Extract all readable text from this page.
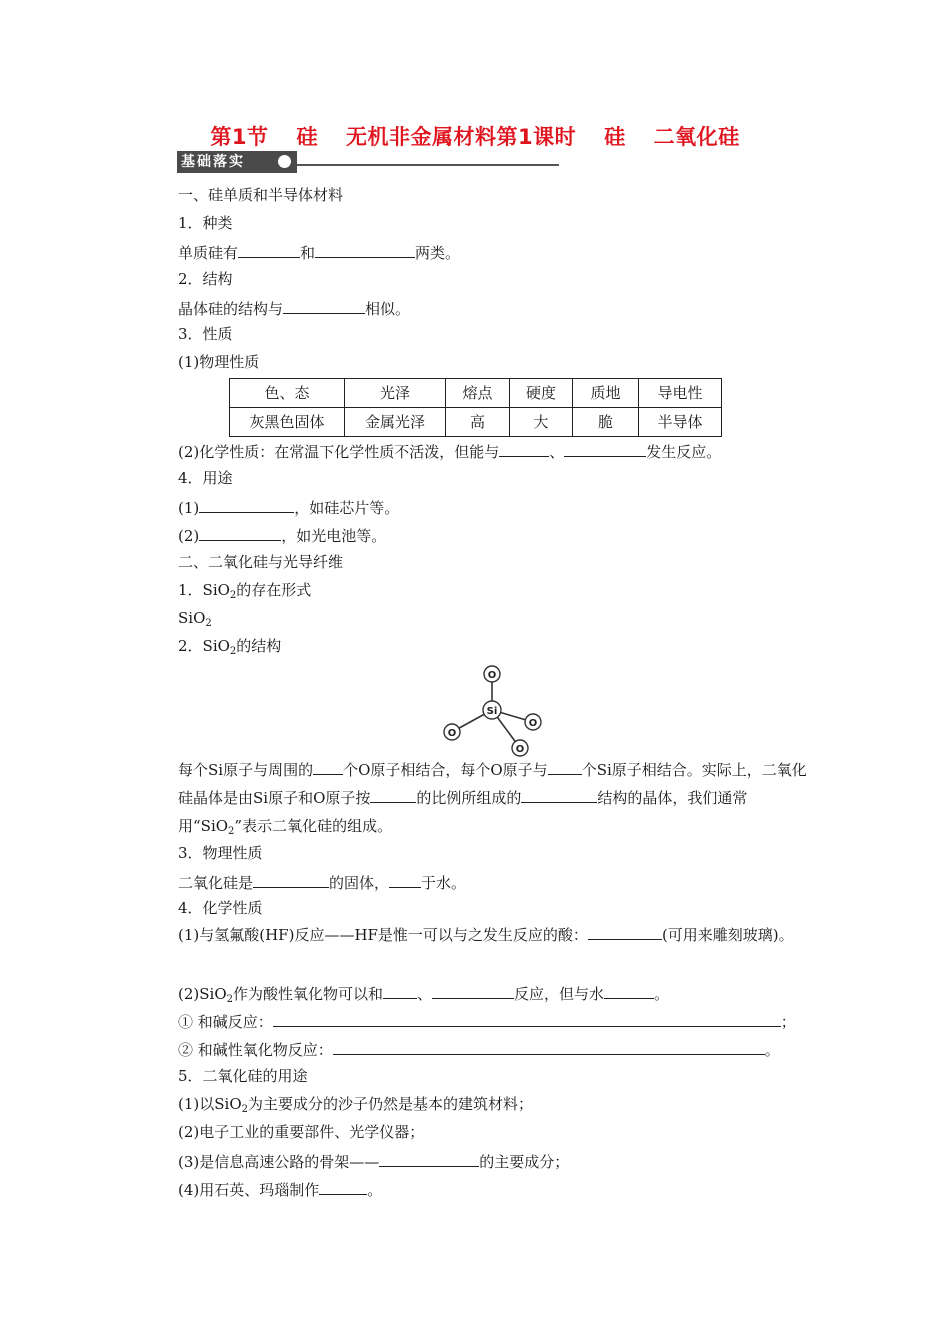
第1节 硅 无机非金属材料第1课时 硅 二氧化硅
基础落实
一、硅单质和半导体材料
1．种类
单质硅有	和	两类。
2．结构
晶体硅的结构与	相似。
3．性质
(1)物理性质
色、态	光泽	熔点	硬度	质地	导电性
灰黑色固体	金属光泽	高	大	脆	半导体
(2)化学性质：在常温下化学性质不活泼，但能与	、	发生反应。
4．用途
(1)	，如硅芯片等。
(2)	，如光电池等。
二、二氧化硅与光导纤维
1．SiO$_2$的存在形式
SiO$_2$
2．SiO$_2$的结构
O
O
O
O
Si
每个Si原子与周围的 个O原子相结合，每个O原子与 个Si原子相结合。实际上，二氧化硅晶体是由Si原子和O原子按	的比例所组成的	结构的晶体，我们通常用“SiO$_2$”表示二氧化硅的组成。
3．物理性质
二氧化硅是	的固体， 于水。
4．化学性质
(1)与氢氟酸(HF)反应——HF是惟一可以与之发生反应的酸：	(可用来雕刻玻璃)。
(2)SiO$_2$作为酸性氧化物可以和 、	反应，但与水	。
① 和碱反应：	；
② 和碱性氧化物反应：	。
5．二氧化硅的用途
(1)以SiO$_2$为主要成分的沙子仍然是基本的建筑材料；
(2)电子工业的重要部件、光学仪器；
(3)是信息高速公路的骨架——	的主要成分；
(4)用石英、玛瑙制作	。
